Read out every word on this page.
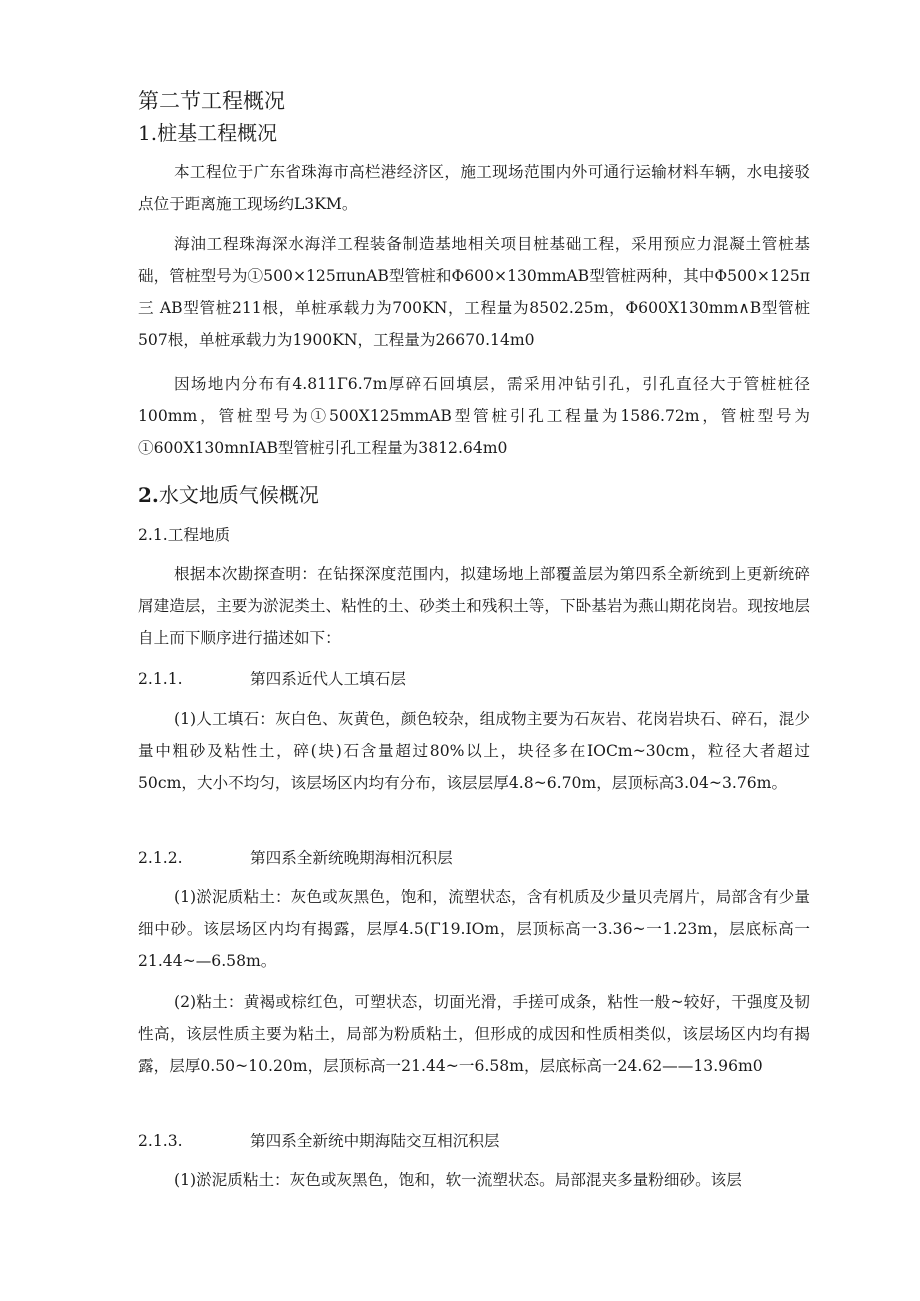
第二节工程概况
1.桩基工程概况

本工程位于广东省珠海市高栏港经济区，施工现场范围内外可通行运输材料车辆，水电接驳点位于距离施工现场约L3KM。

海油工程珠海深水海洋工程装备制造基地相关项目桩基础工程，采用预应力混凝土管桩基础，管桩型号为①500×125πunAB型管桩和Φ600×130mmAB型管桩两种，其中Φ500×125π 三 AB型管桩211根，单桩承载力为700KN，工程量为8502.25m，Φ600X130mm∧B型管桩507根，单桩承载力为1900KN，工程量为26670.14m0

因场地内分布有4.811Γ6.7m厚碎石回填层，需采用冲钻引孔，引孔直径大于管桩桩径100mm，管桩型号为①500X125mmAB型管桩引孔工程量为1586.72m，管桩型号为①600X130mnIAB型管桩引孔工程量为3812.64m0

2.水文地质气候概况
2.1.工程地质

根据本次勘探查明：在钻探深度范围内，拟建场地上部覆盖层为第四系全新统到上更新统碎屑建造层，主要为淤泥类土、粘性的土、砂类土和残积土等，下卧基岩为燕山期花岗岩。现按地层自上而下顺序进行描述如下：

2.1.1.	第四系近代人工填石层

(1)人工填石：灰白色、灰黄色，颜色较杂，组成物主要为石灰岩、花岗岩块石、碎石，混少量中粗砂及粘性土，碎(块)石含量超过80%以上，块径多在IOCm~30cm，粒径大者超过50cm，大小不均匀，该层场区内均有分布，该层层厚4.8~6.70m，层顶标高3.04~3.76m。

2.1.2.	第四系全新统晚期海相沉积层

(1)淤泥质粘土：灰色或灰黑色，饱和，流塑状态，含有机质及少量贝壳屑片，局部含有少量细中砂。该层场区内均有揭露，层厚4.5(Γ19.IOm，层顶标高一3.36~一1.23m，层底标高一21.44~—6.58m。

(2)粘土：黄褐或棕红色，可塑状态，切面光滑，手搓可成条，粘性一般~较好，干强度及韧性高，该层性质主要为粘土，局部为粉质粘土，但形成的成因和性质相类似，该层场区内均有揭露，层厚0.50~10.20m，层顶标高一21.44~一6.58m，层底标高一24.62——13.96m0

2.1.3.	第四系全新统中期海陆交互相沉积层

(1)淤泥质粘土：灰色或灰黑色，饱和，软一流塑状态。局部混夹多量粉细砂。该层
